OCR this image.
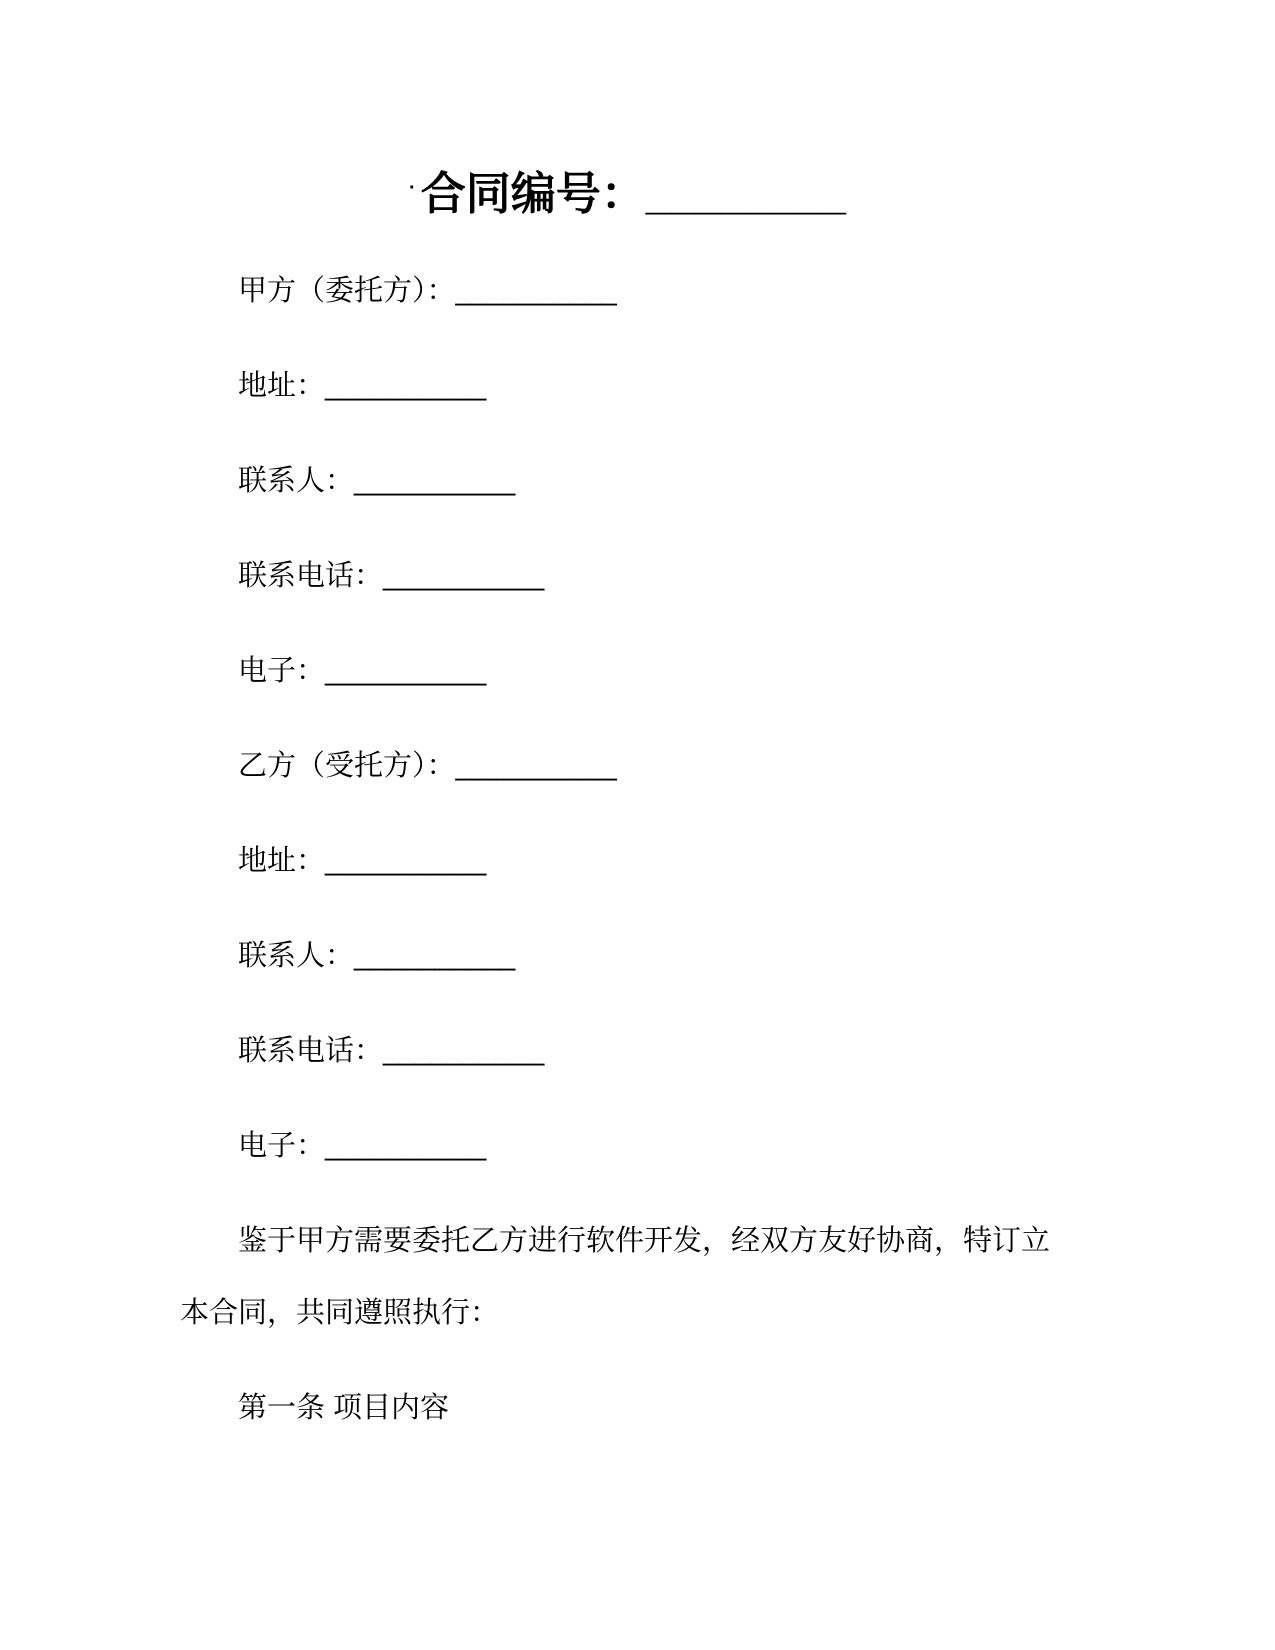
· 合同编号：________

甲方（委托方）：__________

地址：__________

联系人：__________

联系电话：__________

电子：__________

乙方（受托方）：__________

地址：__________

联系人：__________

联系电话：__________

电子：__________

鉴于甲方需要委托乙方进行软件开发，经双方友好协商，特订立本合同，共同遵照执行：

第一条 项目内容
